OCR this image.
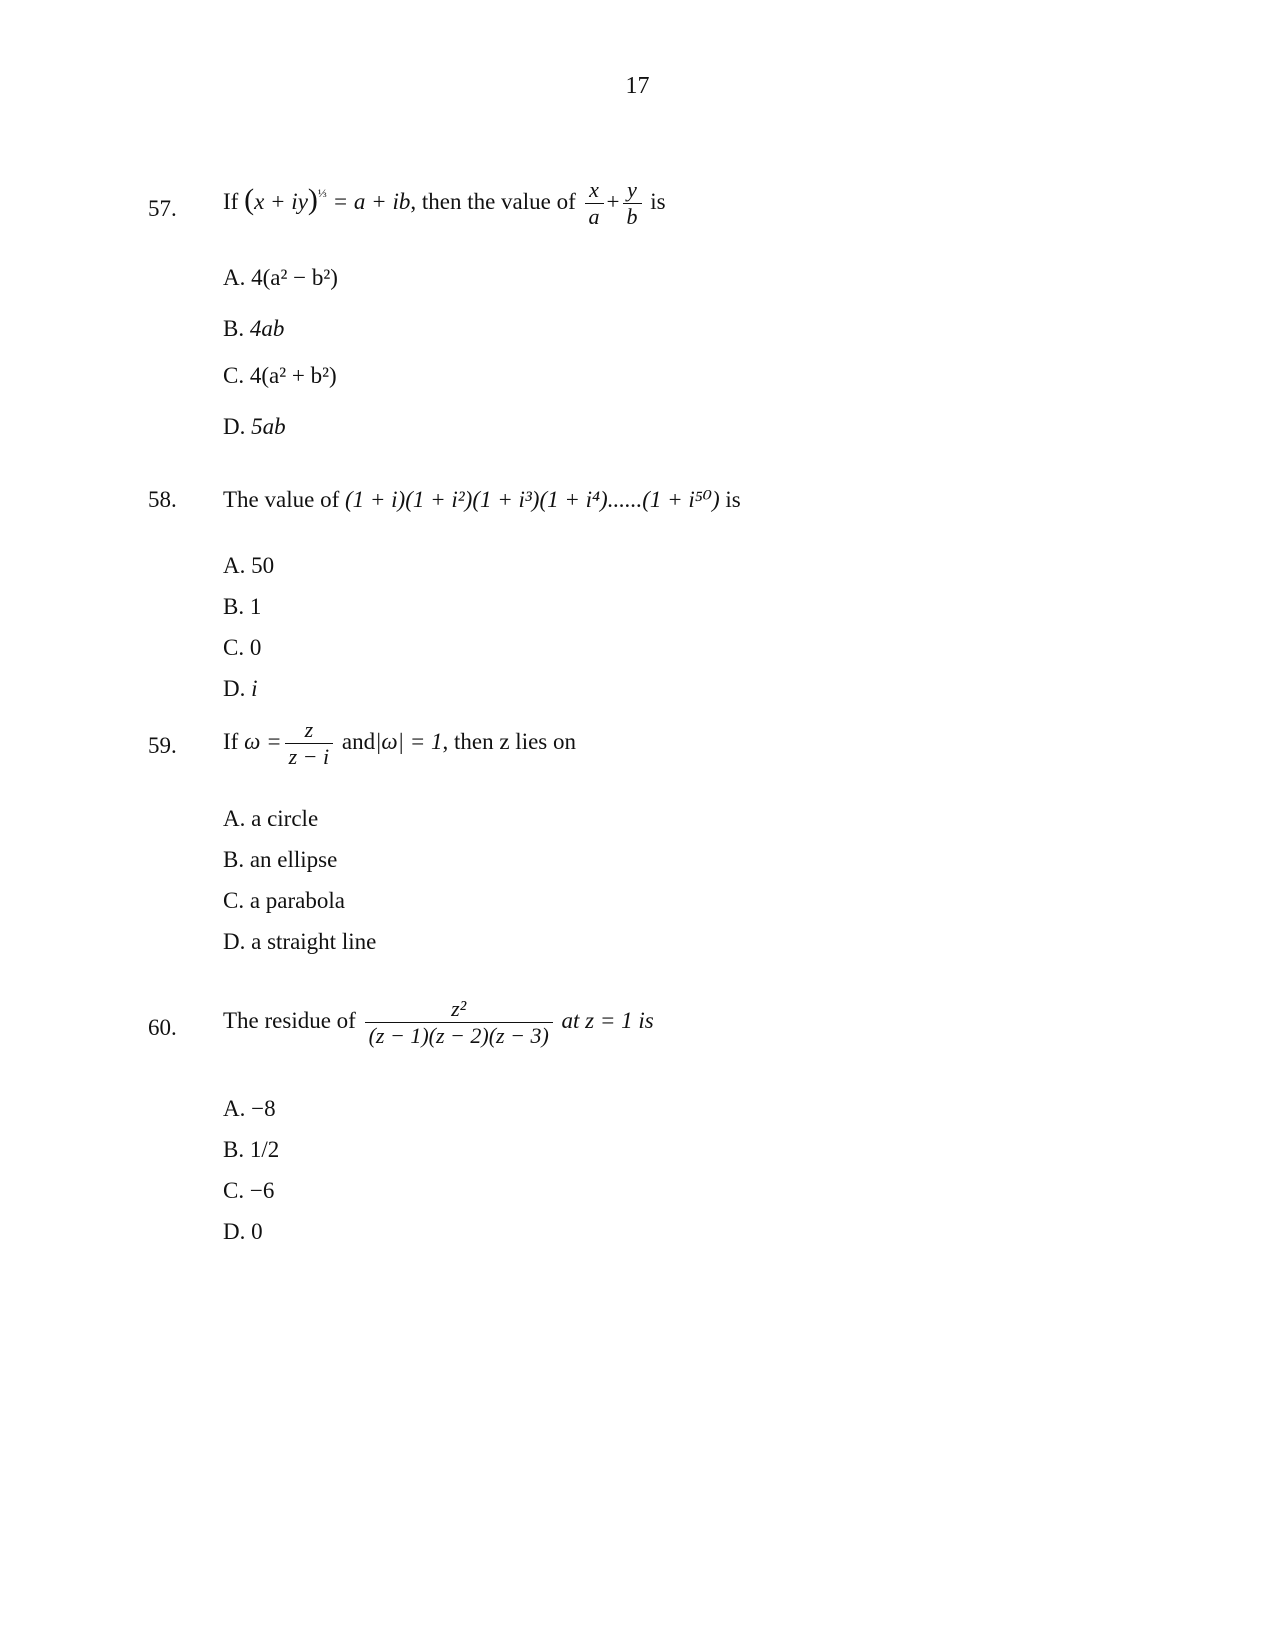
17
57. If (x + iy)$^{\frac{1}{3}}$ = a + ib, then the value of $\frac{x}{a} + \frac{y}{b}$ is
A. 4(a² − b²)
B. 4ab
C. 4(a² + b²)
D. 5ab
58. The value of (1 + i)(1 + i²)(1 + i³)(1 + i⁴)......(1 + i⁵⁰) is
A. 50
B. 1
C. 0
D. i
59. If $\omega = \frac{z}{z - i} and|\omega| = 1$, then z lies on
A. a circle
B. an ellipse
C. a parabola
D. a straight line
60. The residue of $\frac{\text{z²}}{(z - 1)(z - 2)(z - 3)}$ at z = 1 is
A. −8
B. 1/2
C. −6
D. 0
